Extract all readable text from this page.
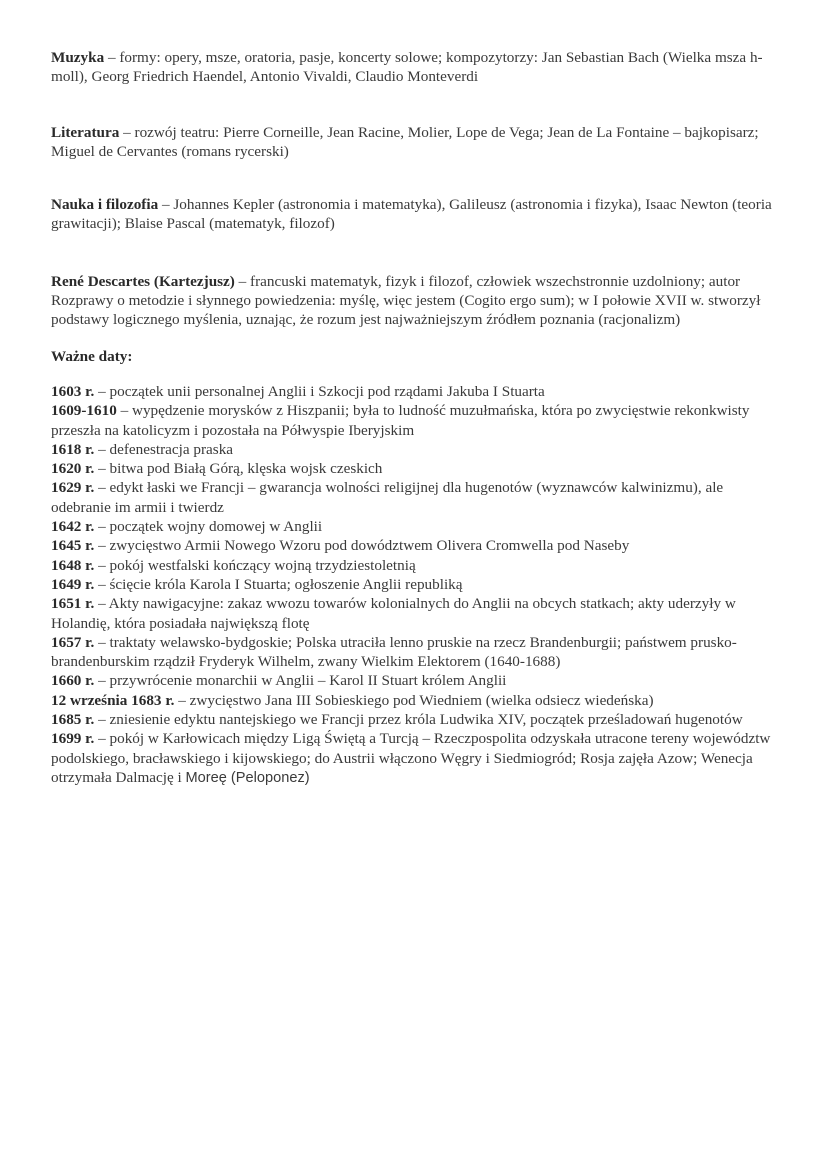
Muzyka – formy: opery, msze, oratoria, pasje, koncerty solowe; kompozytorzy: Jan Sebastian Bach (Wielka msza h-moll), Georg Friedrich Haendel, Antonio Vivaldi, Claudio Monteverdi

Literatura – rozwój teatru: Pierre Corneille, Jean Racine, Molier, Lope de Vega; Jean de La Fontaine – bajkopisarz; Miguel de Cervantes (romans rycerski)

Nauka i filozofia – Johannes Kepler (astronomia i matematyka), Galileusz (astronomia i fizyka), Isaac Newton (teoria grawitacji); Blaise Pascal (matematyk, filozof)

René Descartes (Kartezjusz) – francuski matematyk, fizyk i filozof, człowiek wszechstronnie uzdolniony; autor Rozprawy o metodzie i słynnego powiedzenia: myślę, więc jestem (Cogito ergo sum); w I połowie XVII w. stworzył podstawy logicznego myślenia, uznając, że rozum jest najważniejszym źródłem poznania (racjonalizm)

Ważne daty:

1603 r. – początek unii personalnej Anglii i Szkocji pod rządami Jakuba I Stuarta

1609-1610 – wypędzenie morysków z Hiszpanii; była to ludność muzułmańska, która po zwycięstwie rekonkwisty przeszła na katolicyzm i pozostała na Półwyspie Iberyjskim

1618 r. – defenestracja praska

1620 r. – bitwa pod Białą Górą, klęska wojsk czeskich

1629 r. – edykt łaski we Francji – gwarancja wolności religijnej dla hugenotów (wyznawców kalwinizmu), ale odebranie im armii i twierdz

1642 r. – początek wojny domowej w Anglii

1645 r. – zwycięstwo Armii Nowego Wzoru pod dowództwem Olivera Cromwella pod Naseby

1648 r. – pokój westfalski kończący wojną trzydziestoletnią

1649 r. – ścięcie króla Karola I Stuarta; ogłoszenie Anglii republiką

1651 r. – Akty nawigacyjne: zakaz wwozu towarów kolonialnych do Anglii na obcych statkach; akty uderzyły w Holandię, która posiadała największą flotę

1657 r. – traktaty welawsko-bydgoskie; Polska utraciła lenno pruskie na rzecz Brandenburgii; państwem prusko-brandenburskim rządził Fryderyk Wilhelm, zwany Wielkim Elektorem (1640-1688)

1660 r. – przywrócenie monarchii w Anglii – Karol II Stuart królem Anglii

12 września 1683 r. – zwycięstwo Jana III Sobieskiego pod Wiedniem (wielka odsiecz wiedeńska)

1685 r. – zniesienie edyktu nantejskiego we Francji przez króla Ludwika XIV, początek prześladowań hugenotów

1699 r. – pokój w Karłowicach między Ligą Świętą a Turcją – Rzeczpospolita odzyskała utracone tereny województw podolskiego, bracławskiego i kijowskiego; do Austrii włączono Węgry i Siedmiogród; Rosja zajęła Azow; Wenecja otrzymała Dalmację i Moreę (Peloponez)
